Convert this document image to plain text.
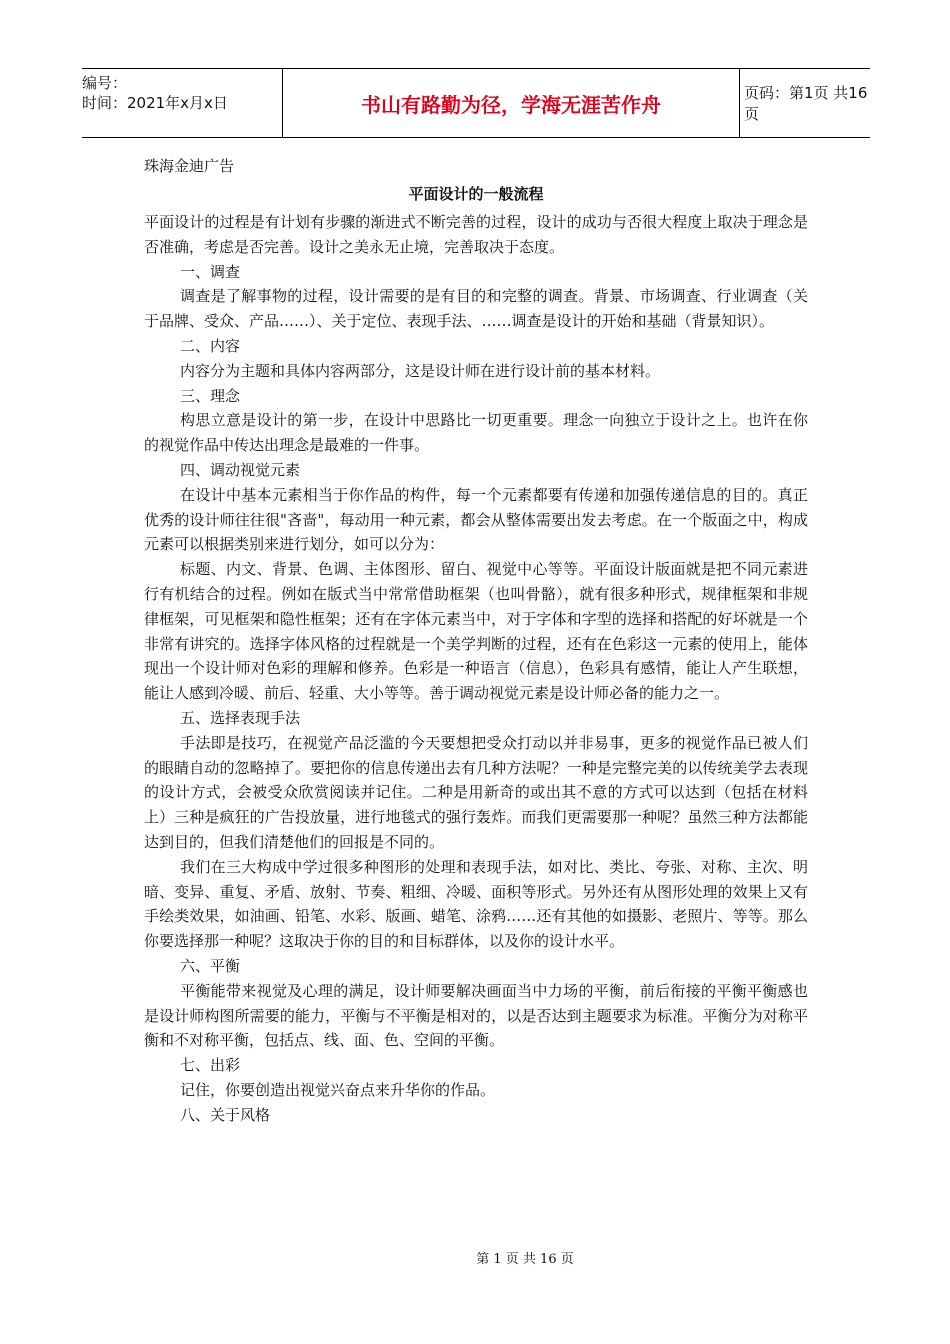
编号：
时间：2021年x月x日	书山有路勤为径，学海无涯苦作舟	页码：第1页 共16页
珠海金迪广告
平面设计的一般流程

平面设计的过程是有计划有步骤的渐进式不断完善的过程，设计的成功与否很大程度上取决于理念是否准确，考虑是否完善。设计之美永无止境，完善取决于态度。

一、调查

调查是了解事物的过程，设计需要的是有目的和完整的调查。背景、市场调查、行业调查（关于品牌、受众、产品……）、关于定位、表现手法、……调查是设计的开始和基础（背景知识）。

二、内容

内容分为主题和具体内容两部分，这是设计师在进行设计前的基本材料。

三、理念

构思立意是设计的第一步，在设计中思路比一切更重要。理念一向独立于设计之上。也许在你的视觉作品中传达出理念是最难的一件事。

四、调动视觉元素

在设计中基本元素相当于你作品的构件，每一个元素都要有传递和加强传递信息的目的。真正优秀的设计师往往很"吝啬"，每动用一种元素，都会从整体需要出发去考虑。在一个版面之中，构成元素可以根据类别来进行划分，如可以分为：

标题、内文、背景、色调、主体图形、留白、视觉中心等等。平面设计版面就是把不同元素进行有机结合的过程。例如在版式当中常常借助框架（也叫骨骼），就有很多种形式，规律框架和非规律框架，可见框架和隐性框架；还有在字体元素当中，对于字体和字型的选择和搭配的好坏就是一个非常有讲究的。选择字体风格的过程就是一个美学判断的过程，还有在色彩这一元素的使用上，能体现出一个设计师对色彩的理解和修养。色彩是一种语言（信息），色彩具有感情，能让人产生联想，能让人感到冷暖、前后、轻重、大小等等。善于调动视觉元素是设计师必备的能力之一。

五、选择表现手法

手法即是技巧，在视觉产品泛滥的今天要想把受众打动以并非易事，更多的视觉作品已被人们的眼睛自动的忽略掉了。要把你的信息传递出去有几种方法呢？一种是完整完美的以传统美学去表现的设计方式，会被受众欣赏阅读并记住。二种是用新奇的或出其不意的方式可以达到（包括在材料上）三种是疯狂的广告投放量，进行地毯式的强行轰炸。而我们更需要那一种呢？虽然三种方法都能达到目的，但我们清楚他们的回报是不同的。

我们在三大构成中学过很多种图形的处理和表现手法，如对比、类比、夸张、对称、主次、明暗、变异、重复、矛盾、放射、节奏、粗细、冷暖、面积等形式。另外还有从图形处理的效果上又有手绘类效果，如油画、铅笔、水彩、版画、蜡笔、涂鸦……还有其他的如摄影、老照片、等等。那么你要选择那一种呢？这取决于你的目的和目标群体，以及你的设计水平。

六、平衡

平衡能带来视觉及心理的满足，设计师要解决画面当中力场的平衡，前后衔接的平衡平衡感也是设计师构图所需要的能力，平衡与不平衡是相对的，以是否达到主题要求为标准。平衡分为对称平衡和不对称平衡，包括点、线、面、色、空间的平衡。

七、出彩

记住，你要创造出视觉兴奋点来升华你的作品。

八、关于风格

第 1 页 共 16 页
